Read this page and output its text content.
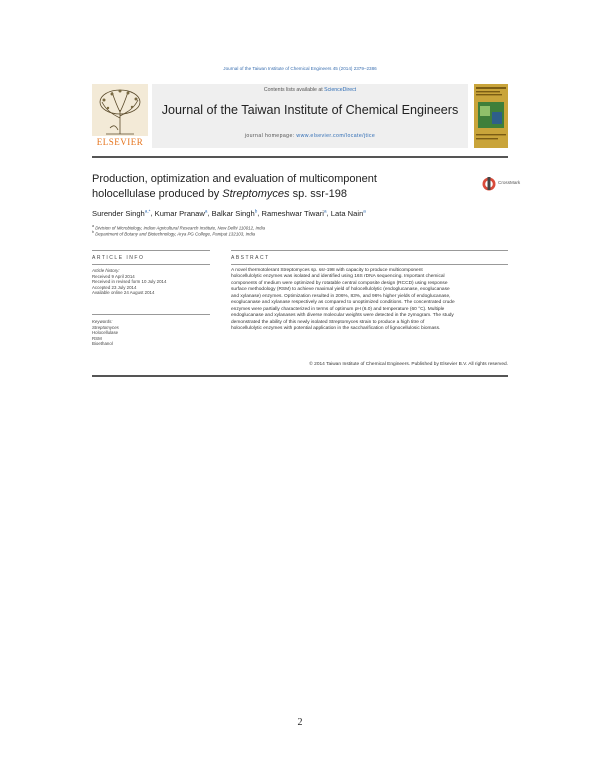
Journal of the Taiwan Institute of Chemical Engineers 45 (2014) 2379–2386
ELSEVIER
Contents lists available at ScienceDirect
Journal of the Taiwan Institute of Chemical Engineers
journal homepage: www.elsevier.com/locate/jtice
Production, optimization and evaluation of multicomponent
holocellulase produced by Streptomyces sp. ssr-198
CrossMark
Surender Singh$^{a,*}$, Kumar Pranaw$^a$, Balkar Singh$^b$, Rameshwar Tiwari$^a$, Lata Nain$^a$
$^a$ Division of Microbiology, Indian Agricultural Research Institute, New Delhi 110012, India
$^b$ Department of Botany and Biotechnology, Arya PG College, Panipat 132103, India
ARTICLE INFO
Article history:
Received 9 April 2014
Received in revised form 10 July 2014
Accepted 23 July 2014
Available online 24 August 2014
Keywords:
Streptomyces
Holocellulase
RSM
Bioethanol
ABSTRACT
A novel thermotolerant Streptomyces sp. ssr-198 with capacity to produce multicomponent
holocellulolytic enzymes was isolated and identified using 16S rDNA sequencing. Important chemical
components of medium were optimized by rotatable central composite design (RCCD) using response
surface methodology (RSM) to achieve maximal yield of holocellulolytic (endoglucanase, exoglucanase
and xylanase) enzymes. Optimization resulted in 206%, 83%, and 96% higher yields of endoglucanase,
exoglucanase and xylanase respectively as compared to unoptimized conditions. The concentrated crude
enzymes were partially characterized in terms of optimum pH (6.0) and temperature (60 °C). Multiple
endoglucanase and xylanases with diverse molecular weights were detected in the zymogram. The study
demonstrated the ability of this newly isolated Streptomyces strain to produce a high titre of
holocellulolytic enzymes with potential application in the saccharification of lignocellulosic biomass.
© 2014 Taiwan Institute of Chemical Engineers. Published by Elsevier B.V. All rights reserved.
2
